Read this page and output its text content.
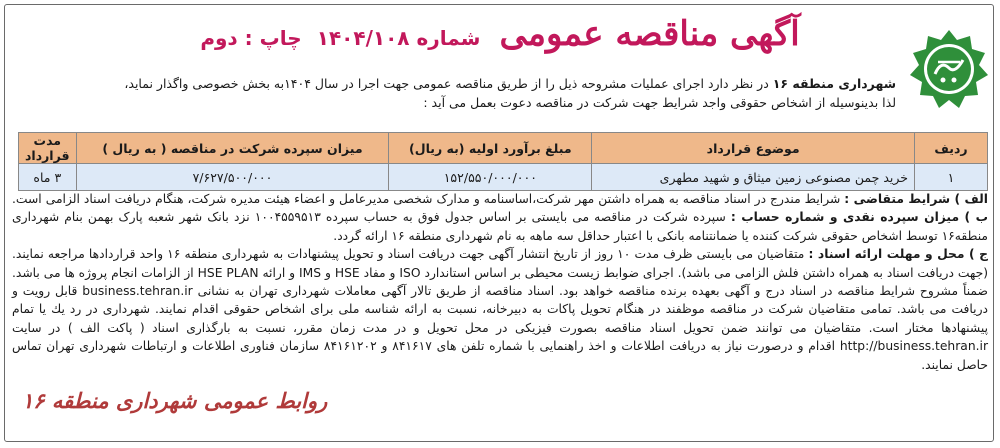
آگهی مناقصه عمومی شماره ۱۴۰۴/۱۰۸ چاپ : دوم
شهرداری منطقه ۱۶ در نظر دارد اجرای عملیات مشروحه ذیل را از طریق مناقصه عمومی جهت اجرا در سال ۱۴۰۴به بخش خصوصی واگذار نماید،
لذا بدینوسیله از اشخاص حقوقی واجد شرایط جهت شرکت در مناقصه دعوت بعمل می آید :
ردیف	موضوع قرارداد	مبلغ برآورد اولیه (به ریال)	میزان سپرده شرکت در مناقصه ( به ریال )	مدت قرارداد
۱	خرید چمن مصنوعی زمین میثاق و شهید مطهری	۱۵۲/۵۵۰/۰۰۰/۰۰۰	۷/۶۲۷/۵۰۰/۰۰۰	۳ ماه

الف ) شرایط متقاضی : شرایط مندرج در اسناد مناقصه به همراه داشتن مهر شرکت،اساسنامه و مدارک شخصی مدیرعامل و اعضاء هیئت مدیره شرکت، هنگام دریافت اسناد الزامی است. ب ) میزان سپرده نقدی و شماره حساب : سپرده شرکت در مناقصه می بایستی بر اساس جدول فوق به حساب سپرده ۱۰۰۴۵۵۹۵۱۳ نزد بانک شهر شعبه پارک بهمن بنام شهرداری منطقه۱۶ توسط اشخاص حقوقی شرکت کننده یا ضمانتنامه بانکی با اعتبار حداقل سه ماهه به نام شهرداری منطقه ۱۶ ارائه گردد.

ج ) محل و مهلت ارائه اسناد : متقاضیان می بایستی ظرف مدت ۱۰ روز از تاریخ انتشار آگهی جهت دریافت اسناد و تحویل پیشنهادات به شهرداری منطقه ۱۶ واحد قراردادها مراجعه نمایند. (جهت دریافت اسناد به همراه داشتن فلش الزامی می باشد). اجرای ضوابط زیست محیطی بر اساس استاندارد ISO و مفاد HSE و IMS و ارائه HSE PLAN از الزامات انجام پروژه ها می باشد. ضمناً مشروح شرایط مناقصه در اسناد درج و آگهی بعهده برنده مناقصه خواهد بود. اسناد مناقصه از طریق تالار آگهی معاملات شهرداری تهران به نشانی business.tehran.ir قابل رویت و دریافت می باشد. تمامی متقاضیان شرکت در مناقصه موظفند در هنگام تحویل پاکات به دبیرخانه، نسبت به ارائه شناسه ملی برای اشخاص حقوقی اقدام نمایند. شهرداری در رد یك یا تمام پیشنهادها مختار است. متقاضیان می توانند ضمن تحویل اسناد مناقصه بصورت فیزیکی در محل تحویل و در مدت زمان مقرر، نسبت به بارگذاری اسناد ( پاکت الف ) در سایت http://business.tehran.ir اقدام و درصورت نیاز به دریافت اطلاعات و اخذ راهنمایی با شماره تلفن های ۸۴۱۶۱۷ و ۸۴۱۶۱۲۰۲ سازمان فناوری اطلاعات و ارتباطات شهرداری تهران تماس حاصل نمایند.

روابط عمومی شهرداری منطقه ۱۶
